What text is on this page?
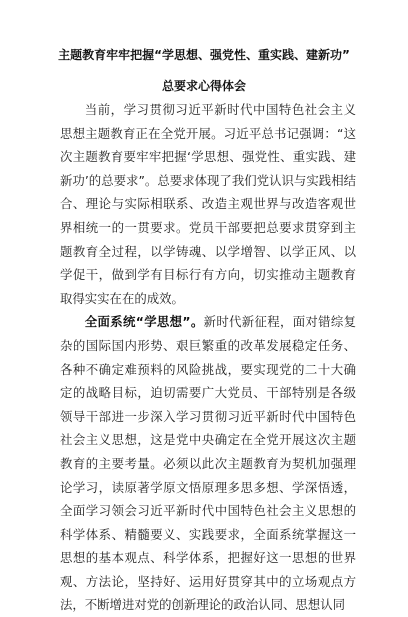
主题教育牢牢把握“学思想、强党性、重实践、建新功”
总要求心得体会

当前，学习贯彻习近平新时代中国特色社会主义思想主题教育正在全党开展。习近平总书记强调：“这次主题教育要牢牢把握‘学思想、强党性、重实践、建新功’的总要求”。总要求体现了我们党认识与实践相结合、理论与实际相联系、改造主观世界与改造客观世界相统一的一贯要求。党员干部要把总要求贯穿到主题教育全过程，以学铸魂、以学增智、以学正风、以学促干，做到学有目标行有方向，切实推动主题教育取得实实在在的成效。

全面系统“学思想”。新时代新征程，面对错综复杂的国际国内形势、艰巨繁重的改革发展稳定任务、各种不确定难预料的风险挑战，要实现党的二十大确定的战略目标，迫切需要广大党员、干部特别是各级领导干部进一步深入学习贯彻习近平新时代中国特色社会主义思想，这是党中央确定在全党开展这次主题教育的主要考量。必须以此次主题教育为契机加强理论学习，读原著学原文悟原理多思多想、学深悟透，全面学习领会习近平新时代中国特色社会主义思想的科学体系、精髓要义、实践要求，全面系统掌握这一思想的基本观点、科学体系，把握好这一思想的世界观、方法论，坚持好、运用好贯穿其中的立场观点方法，不断增进对党的创新理论的政治认同、思想认同
